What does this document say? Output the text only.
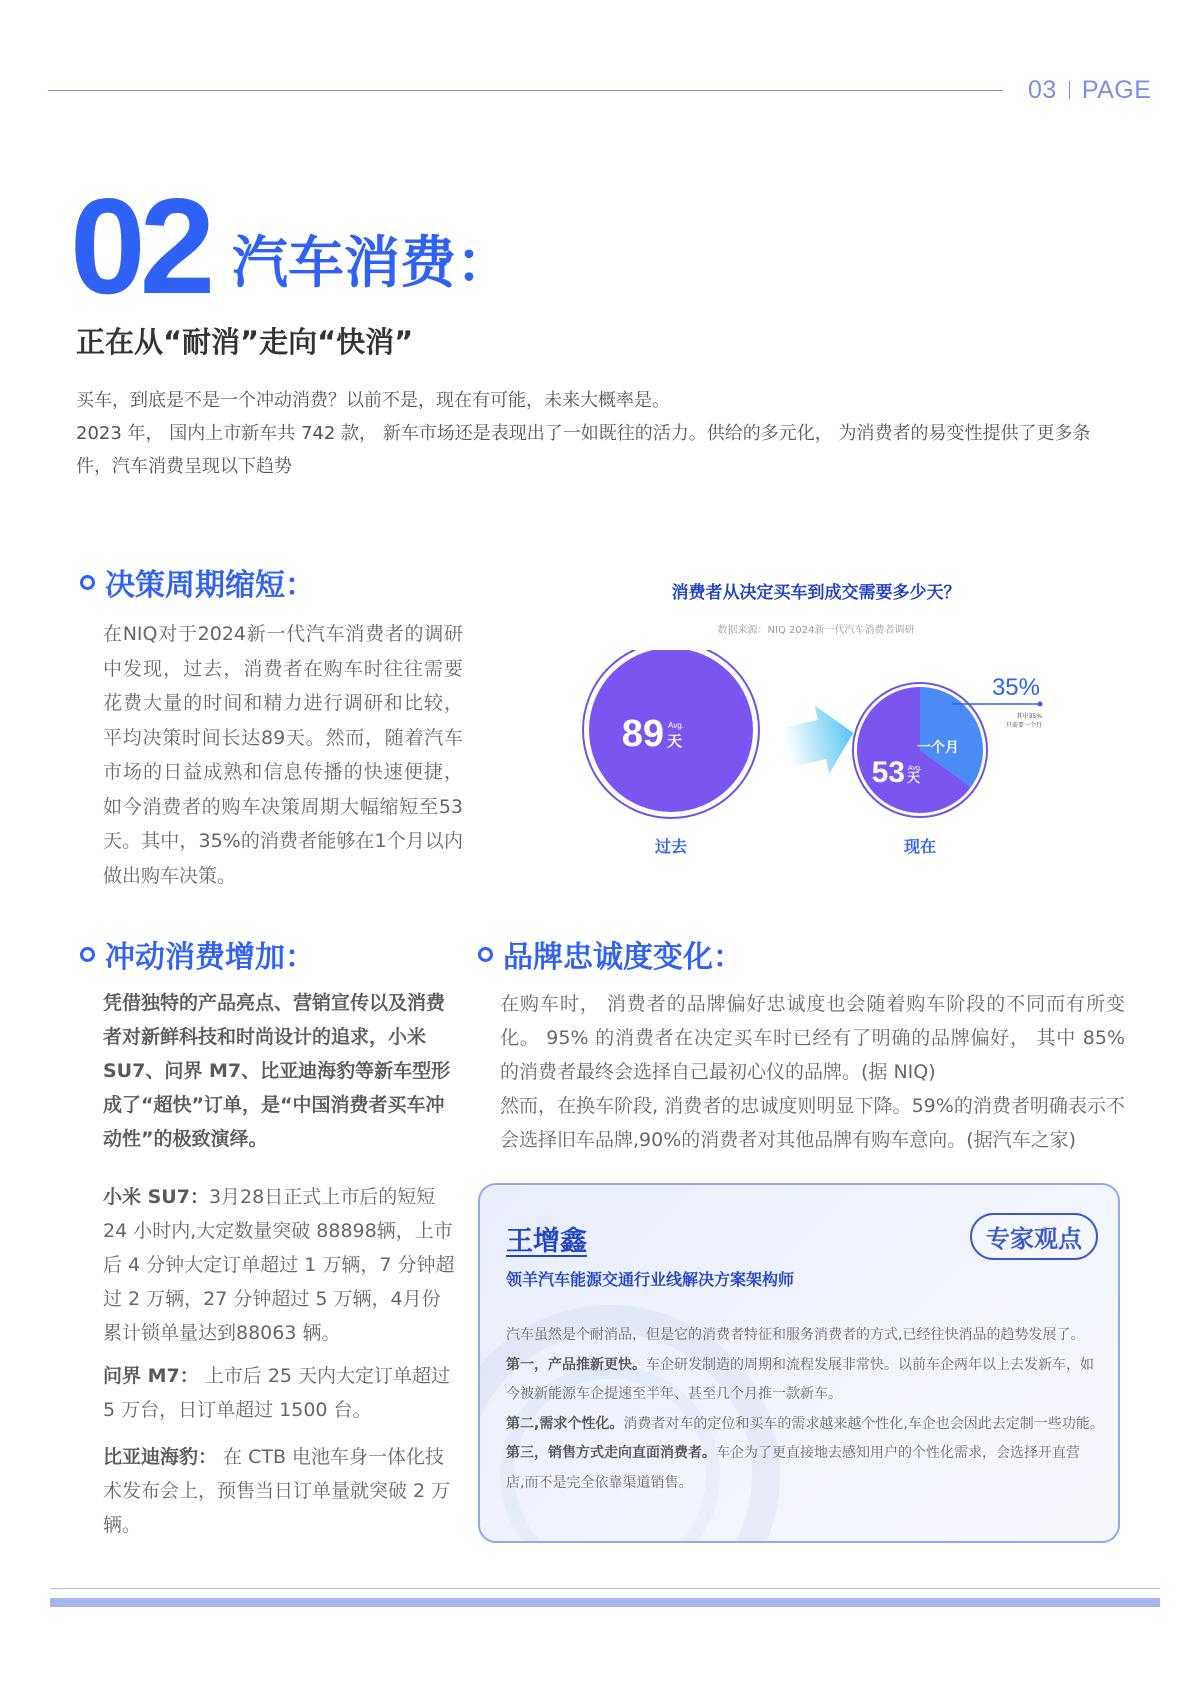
03 PAGE
02 汽车消费：
正在从“耐消”走向“快消”

买车，到底是不是一个冲动消费？以前不是，现在有可能，未来大概率是。

2023 年， 国内上市新车共 742 款， 新车市场还是表现出了一如既往的活力。供给的多元化， 为消费者的易变性提供了更多条件，汽车消费呈现以下趋势

决策周期缩短：
在NIQ对于2024新一代汽车消费者的调研中发现，过去，消费者在购车时往往需要花费大量的时间和精力进行调研和比较，平均决策时间长达89天。然而，随着汽车市场的日益成熟和信息传播的快速便捷，如今消费者的购车决策周期大幅缩短至53天。其中，35%的消费者能够在1个月以内做出购车决策。
消费者从决定买车到成交需要多少天？
数据来源：NIQ 2024新一代汽车消费者调研
89 Avg.
天
过去
一个月
53 Avg.
天
现在
35%
其中35%
只需要一个月
冲动消费增加：
凭借独特的产品亮点、营销宣传以及消费者对新鲜科技和时尚设计的追求，小米SU7、问界 M7、比亚迪海豹等新车型形成了“超快”订单，是“中国消费者买车冲动性”的极致演绎。
小米 SU7：3月28日正式上市后的短短24 小时内,大定数量突破 88898辆，上市后 4 分钟大定订单超过 1 万辆，7 分钟超过 2 万辆，27 分钟超过 5 万辆，4月份累计锁单量达到88063 辆。
问界 M7： 上市后 25 天内大定订单超过 5 万台，日订单超过 1500 台。
比亚迪海豹： 在 CTB 电池车身一体化技术发布会上，预售当日订单量就突破 2 万辆。
品牌忠诚度变化：

在购车时， 消费者的品牌偏好忠诚度也会随着购车阶段的不同而有所变化。 95% 的消费者在决定买车时已经有了明确的品牌偏好， 其中 85% 的消费者最终会选择自己最初心仪的品牌。(据 NIQ)

然而，在换车阶段, 消费者的忠诚度则明显下降。59%的消费者明确表示不会选择旧车品牌,90%的消费者对其他品牌有购车意向。(据汽车之家)

王增鑫	专家观点
领羊汽车能源交通行业线解决方案架构师

汽车虽然是个耐消品，但是它的消费者特征和服务消费者的方式,已经往快消品的趋势发展了。

第一，产品推新更快。车企研发制造的周期和流程发展非常快。以前车企两年以上去发新车，如

今被新能源车企提速至半年、甚至几个月推一款新车。

第二,需求个性化。消费者对车的定位和买车的需求越来越个性化,车企也会因此去定制一些功能。

第三，销售方式走向直面消费者。车企为了更直接地去感知用户的个性化需求，会选择开直营

店,而不是完全依靠渠道销售。
